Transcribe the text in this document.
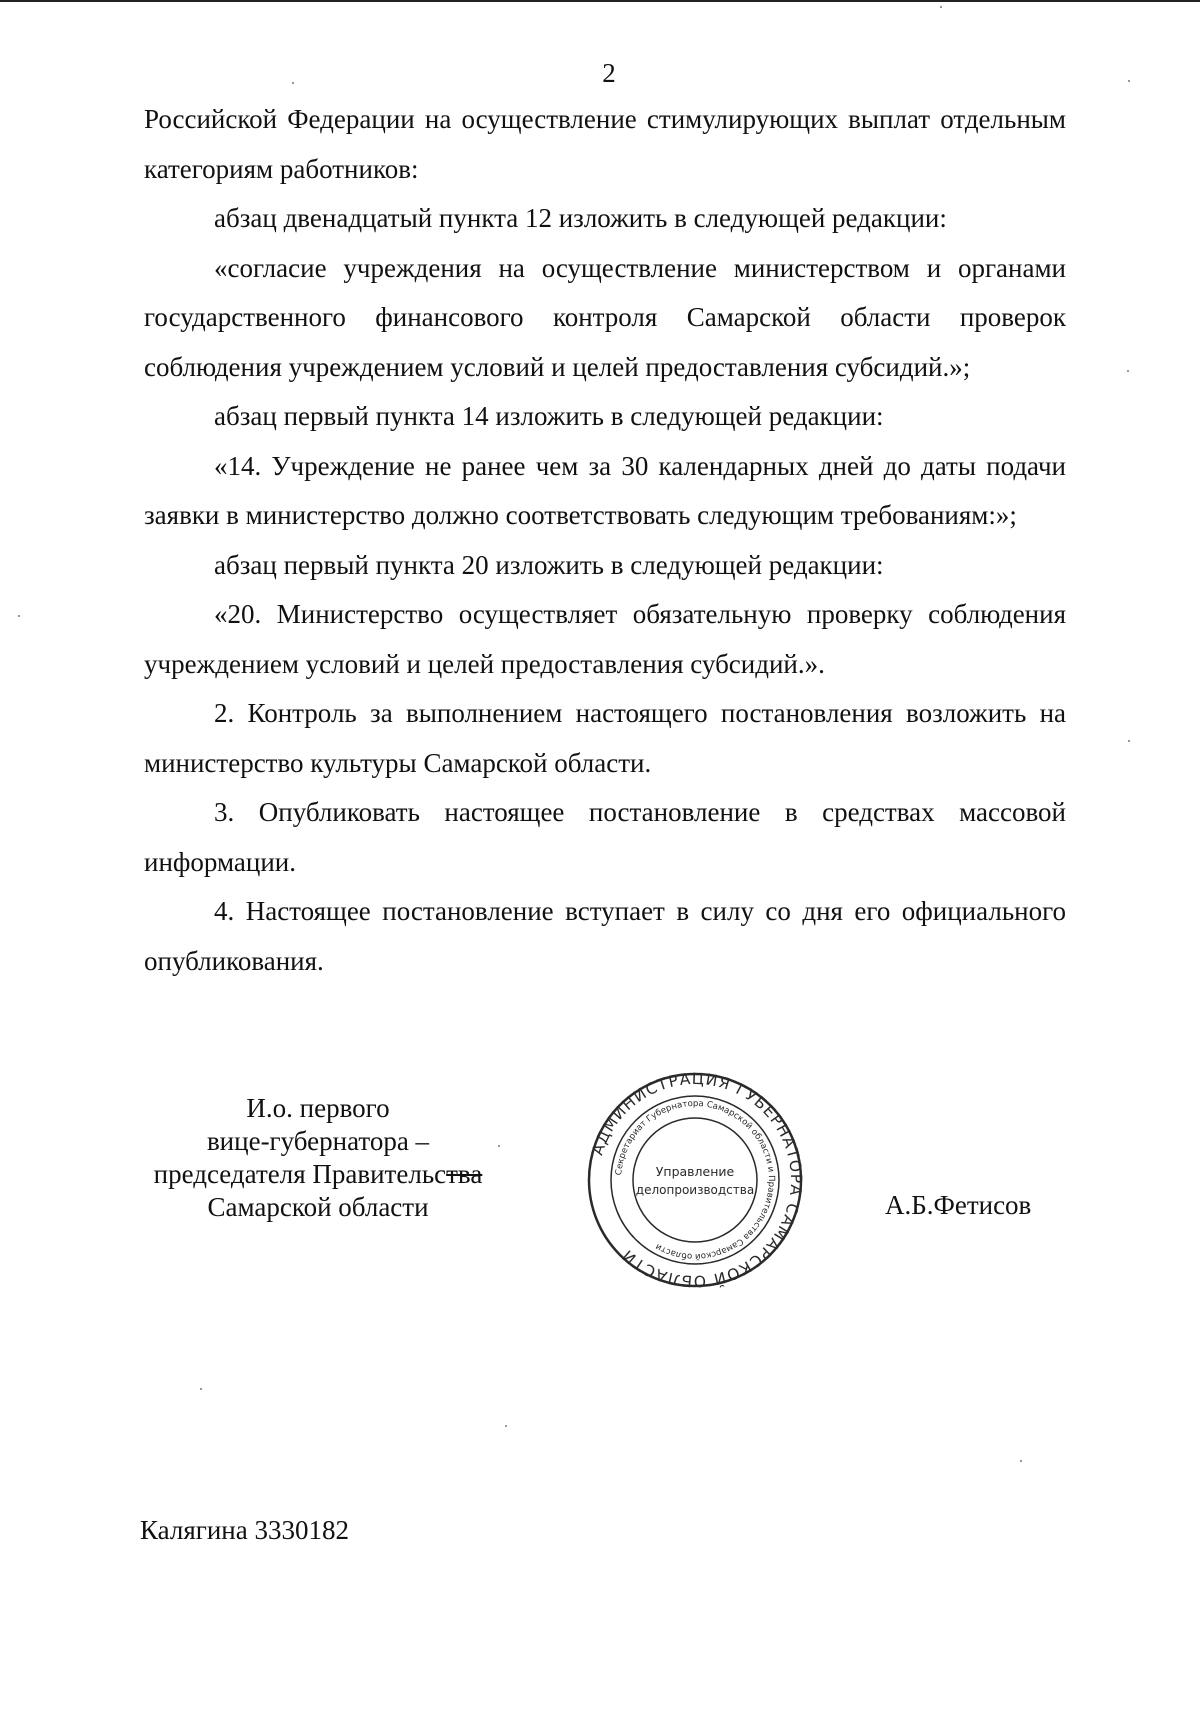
2

Российской Федерации на осуществление стимулирующих выплат отдельным категориям работников:

абзац двенадцатый пункта 12 изложить в следующей редакции:

«согласие учреждения на осуществление министерством и органами государственного финансового контроля Самарской области проверок соблюдения учреждением условий и целей предоставления субсидий.»;

абзац первый пункта 14 изложить в следующей редакции:

«14. Учреждение не ранее чем за 30 календарных дней до даты подачи заявки в министерство должно соответствовать следующим требованиям:»;

абзац первый пункта 20 изложить в следующей редакции:

«20. Министерство осуществляет обязательную проверку соблюдения учреждением условий и целей предоставления субсидий.».

2. Контроль за выполнением настоящего постановления возложить на министерство культуры Самарской области.

3. Опубликовать настоящее постановление в средствах массовой информации.

4. Настоящее постановление вступает в силу со дня его официального опубликования.

И.о. первого
вице-губернатора –
председателя Правительства
Самарской области
АДМИНИСТРАЦИЯ ГУБЕРНАТОРА САМАРСКОЙ ОБЛАСТИ
Секретариат Губернатора Самарской области и Правительства Самарской области
Управление
делопроизводства	А.Б.Фетисов
Калягина 3330182
